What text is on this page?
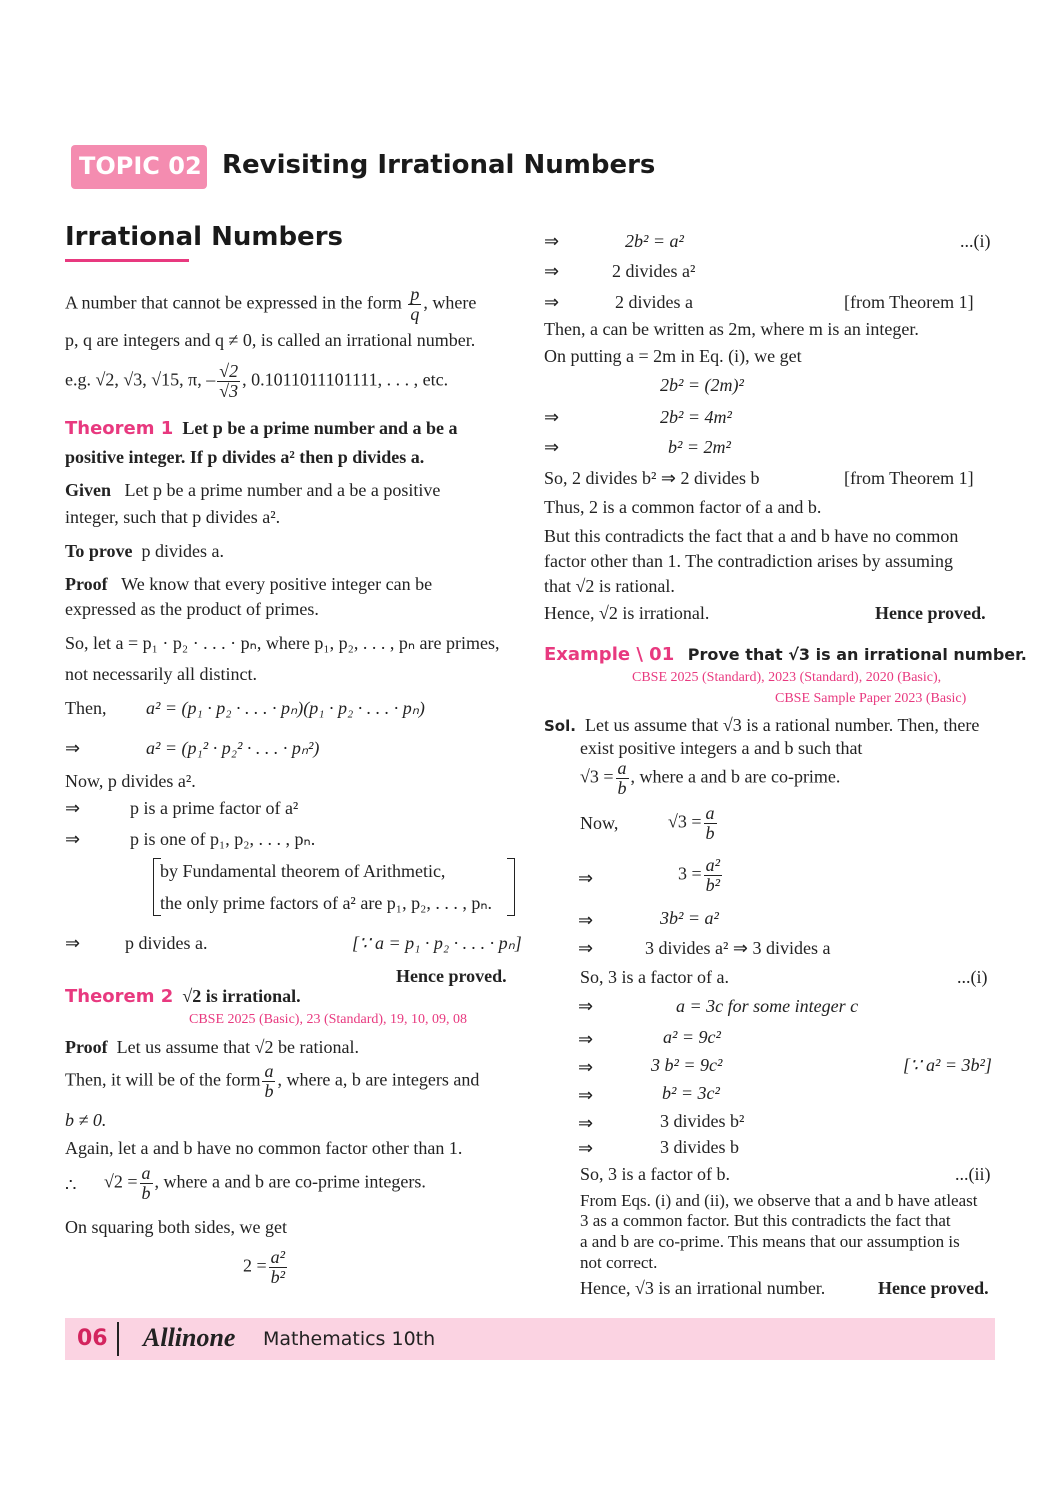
TOPIC 02 Revisiting Irrational Numbers
Irrational Numbers
A number that cannot be expressed in the form $\frac{p}{q}$ , where
p, q are integers and q ≠ 0, is called an irrational number.
e.g. √2, √3, √15, π, – $\frac{√2}{√3}$ , 0.1011011101111, . . . , etc.
Theorem 1 Let p be a prime number and a be a
positive integer. If p divides a² then p divides a.
Given Let p be a prime number and a be a positive
integer, such that p divides a².
To prove p divides a.
Proof We know that every positive integer can be
expressed as the product of primes.
So, let a = p₁ · p₂ · . . . · pₙ, where p₁, p₂, . . . , pₙ are primes,
not necessarily all distinct.
Then, a² = (p₁ · p₂ · . . . · pₙ)(p₁ · p₂ · . . . · pₙ)
⇒	a² = (p₁² · p₂² · . . . · pₙ²)
Now, p divides a².
⇒	p is a prime factor of a²
⇒	p is one of p₁, p₂, . . . , pₙ.
by Fundamental theorem of Arithmetic,
the only prime factors of a² are p₁, p₂, . . . , pₙ.
⇒ p divides a.	[∵ a = p₁ · p₂ · . . . · pₙ]
Hence proved.
Theorem 2 √2 is irrational.
CBSE 2025 (Basic), 23 (Standard), 19, 10, 09, 08
Proof Let us assume that √2 be rational.
Then, it will be of the form $\frac{a}{b}$ , where a, b are integers and
b ≠ 0.
Again, let a and b have no common factor other than 1.
∴ $√2 = \frac{a}{b}$ , where a and b are co-prime integers.
On squaring both sides, we get
$2 = \frac{\text{a²}}{\text{b²}}$
⇒	2b² = a²	...(i)
⇒	2 divides a²
⇒	2 divides a	[from Theorem 1]
Then, a can be written as 2m, where m is an integer.
On putting a = 2m in Eq. (i), we get
2b² = (2m)²
⇒	2b² = 4m²
⇒	b² = 2m²
So, 2 divides b² ⇒ 2 divides b	[from Theorem 1]
Thus, 2 is a common factor of a and b.
But this contradicts the fact that a and b have no common
factor other than 1. The contradiction arises by assuming
that √2 is rational.
Hence, √2 is irrational.	Hence proved.
Example \ 01 Prove that √3 is an irrational number.
CBSE 2025 (Standard), 2023 (Standard), 2020 (Basic),
CBSE Sample Paper 2023 (Basic)
Sol. Let us assume that √3 is a rational number. Then, there
exist positive integers a and b such that
$√3 = \frac{a}{b}$ , where a and b are co-prime.
Now,	$√3 = \frac{a}{b}$
⇒	$3 = \frac{\text{a²}}{\text{b²}}$
⇒	3b² = a²
⇒	3 divides a² ⇒ 3 divides a
So, 3 is a factor of a.	...(i)
⇒	a = 3c for some integer c
⇒	a² = 9c²
⇒	3 b² = 9c²	[∵ a² = 3b²]
⇒	b² = 3c²
⇒	3 divides b²
⇒	3 divides b
So, 3 is a factor of b.	...(ii)
From Eqs. (i) and (ii), we observe that a and b have atleast
3 as a common factor. But this contradicts the fact that
a and b are co-prime. This means that our assumption is
not correct.
Hence, √3 is an irrational number.	Hence proved.
06 Allinone Mathematics 10th
